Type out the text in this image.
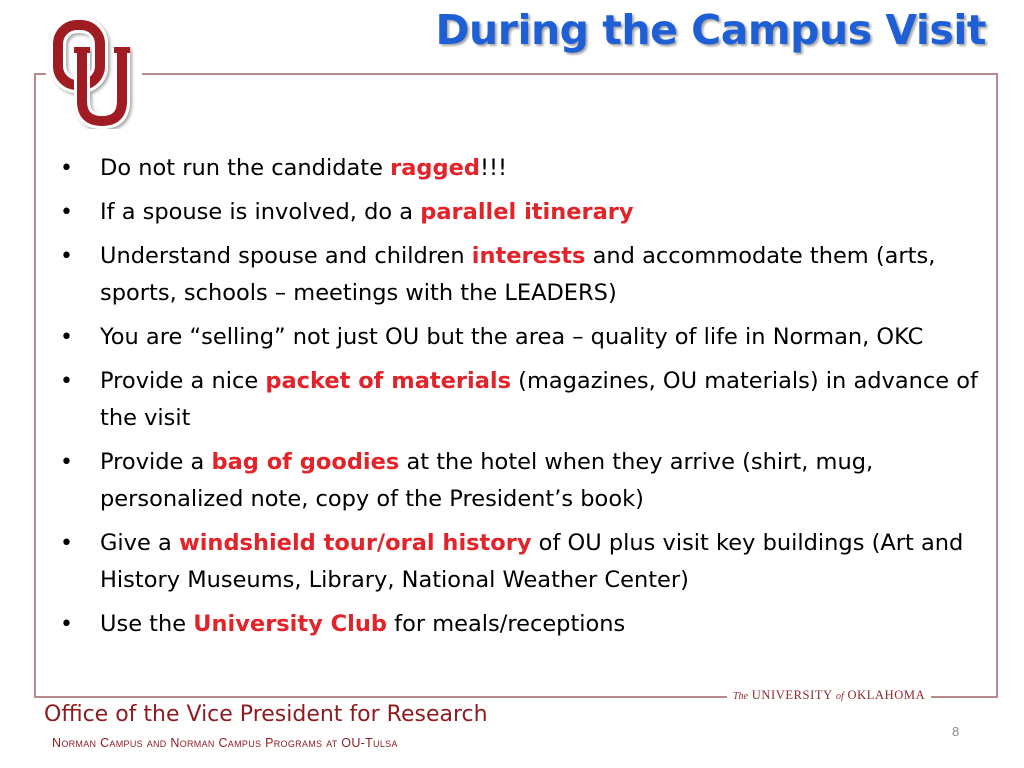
During the Campus Visit
• Do not run the candidate ragged!!!
• If a spouse is involved, do a parallel itinerary
• Understand spouse and children interests and accommodate them (arts, sports, schools – meetings with the LEADERS)
• You are “selling” not just OU but the area – quality of life in Norman, OKC
• Provide a nice packet of materials (magazines, OU materials) in advance of the visit
• Provide a bag of goodies at the hotel when they arrive (shirt, mug, personalized note, copy of the President’s book)
• Give a windshield tour/oral history of OU plus visit key buildings (Art and History Museums, Library, National Weather Center)
• Use the University Club for meals/receptions
The UNIVERSITY of OKLAHOMA

Office of the Vice President for Research

Norman Campus and Norman Campus Programs at OU-Tulsa
8
